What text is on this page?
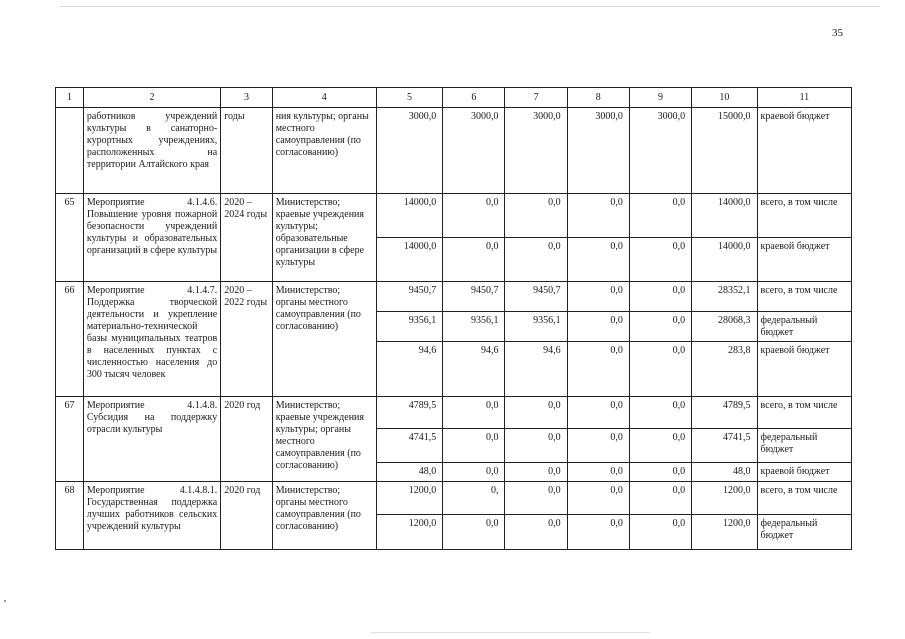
35
1	2	3	4	5	6	7	8	9	10	11
	работников учреждений культуры в санаторно-курортных учреждениях, расположенных на территории Алтайского края	годы	ния культуры; органы местного самоуправления (по согласованию)	3000,0	3000,0	3000,0	3000,0	3000,0	15000,0	краевой бюджет
65	Мероприятие 4.1.4.6. Повышение уровня пожарной безопасности учреждений культуры и образовательных организаций в сфере культуры	2020 – 2024 годы	Министерство; краевые учреждения культуры; образовательные организации в сфере культуры	14000,0	0,0	0,0	0,0	0,0	14000,0	всего, в том числе
				14000,0	0,0	0,0	0,0	0,0	14000,0	краевой бюджет
66	Мероприятие 4.1.4.7. Поддержка творческой деятельности и укрепление материально-технической базы муниципальных театров в населенных пунктах с численностью населения до 300 тысяч человек	2020 – 2022 годы	Министерство; органы местного самоуправления (по согласованию)	9450,7	9450,7	9450,7	0,0	0,0	28352,1	всего, в том числе
				9356,1	9356,1	9356,1	0,0	0,0	28068,3	федеральный бюджет
				94,6	94,6	94,6	0,0	0,0	283,8	краевой бюджет
67	Мероприятие 4.1.4.8. Субсидия на поддержку отрасли культуры	2020 год	Министерство; краевые учреждения культуры; органы местного самоуправления (по согласованию)	4789,5	0,0	0,0	0,0	0,0	4789,5	всего, в том числе
				4741,5	0,0	0,0	0,0	0,0	4741,5	федеральный бюджет
				48,0	0,0	0,0	0,0	0,0	48,0	краевой бюджет
68	Мероприятие 4.1.4.8.1. Государственная поддержка лучших работников сельских учреждений культуры	2020 год	Министерство; органы местного самоуправления (по согласованию)	1200,0	0,	0,0	0,0	0,0	1200,0	всего, в том числе
				1200,0	0,0	0,0	0,0	0,0	1200,0	федеральный бюджет
